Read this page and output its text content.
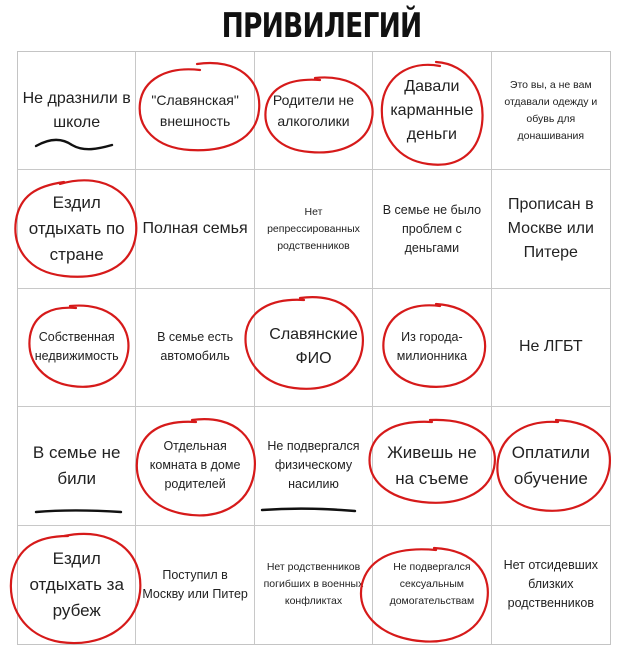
ПРИВИЛЕГИЙ
Не дразнили в школе
"Славянская" внешность
Родители не алкоголики
Давали карманные деньги
Это вы, а не вам отдавали одежду и обувь для донашивания
Ездил отдыхать по стране
Полная семья
Нет репрессированных родственников
В семье не было проблем с деньгами
Прописан в Москве или Питере
Собственная недвижимость
В семье есть автомобиль
Славянские ФИО
Из города-милионника
Не ЛГБТ
В семье не били
Отдельная комната в доме родителей
Не подвергался физическому насилию
Живешь не на съеме
Оплатили обучение
Ездил отдыхать за рубеж
Поступил в Москву или Питер
Нет родственников погибших в военных конфликтах
Не подвергался сексуальным домогательствам
Нет отсидевших близких родственников
